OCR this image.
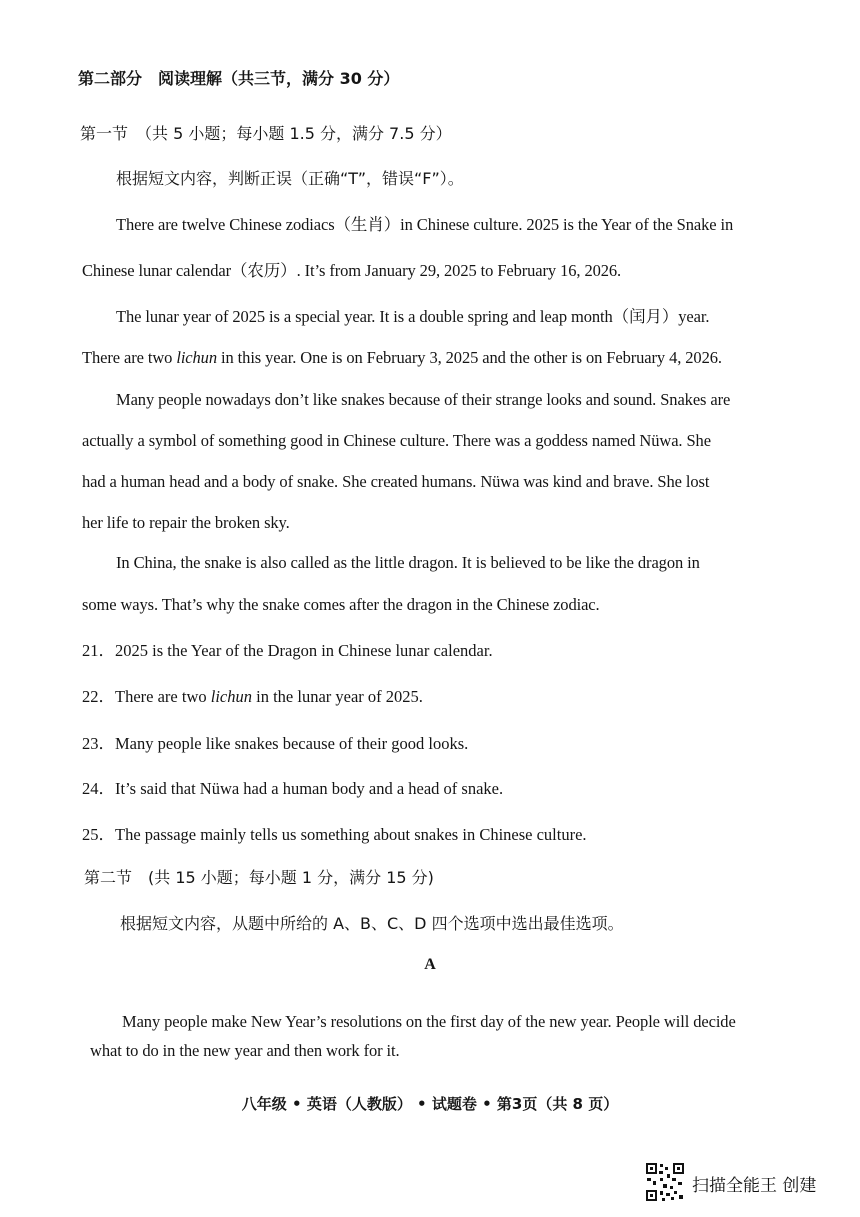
第二部分　阅读理解（共三节，满分 30 分）
第一节　（共 5 小题；每小题 1.5 分，满分 7.5 分）
根据短文内容，判断正误（正确“T”，错误“F”）。
There are twelve Chinese zodiacs（生肖）in Chinese culture. 2025 is the Year of the Snake in
Chinese lunar calendar（农历）. It’s from January 29, 2025 to February 16, 2026.
The lunar year of 2025 is a special year. It is a double spring and leap month（闰月）year.
There are two lichun in this year. One is on February 3, 2025 and the other is on February 4, 2026.
Many people nowadays don’t like snakes because of their strange looks and sound. Snakes are
actually a symbol of something good in Chinese culture. There was a goddess named Nüwa. She
had a human head and a body of snake. She created humans. Nüwa was kind and brave. She lost
her life to repair the broken sky.
In China, the snake is also called as the little dragon. It is believed to be like the dragon in
some ways. That’s why the snake comes after the dragon in the Chinese zodiac.
21．2025 is the Year of the Dragon in Chinese lunar calendar.
22．There are two lichun in the lunar year of 2025.
23．Many people like snakes because of their good looks.
24．It’s said that Nüwa had a human body and a head of snake.
25．The passage mainly tells us something about snakes in Chinese culture.
第二节　(共 15 小题；每小题 1 分，满分 15 分)
根据短文内容，从题中所给的 A、B、C、D 四个选项中选出最佳选项。
A
Many people make New Year’s resolutions on the first day of the new year. People will decide
what to do in the new year and then work for it.
八年级 • 英语（人教版） • 试题卷 • 第3页（共 8 页）
扫描全能王 创建
